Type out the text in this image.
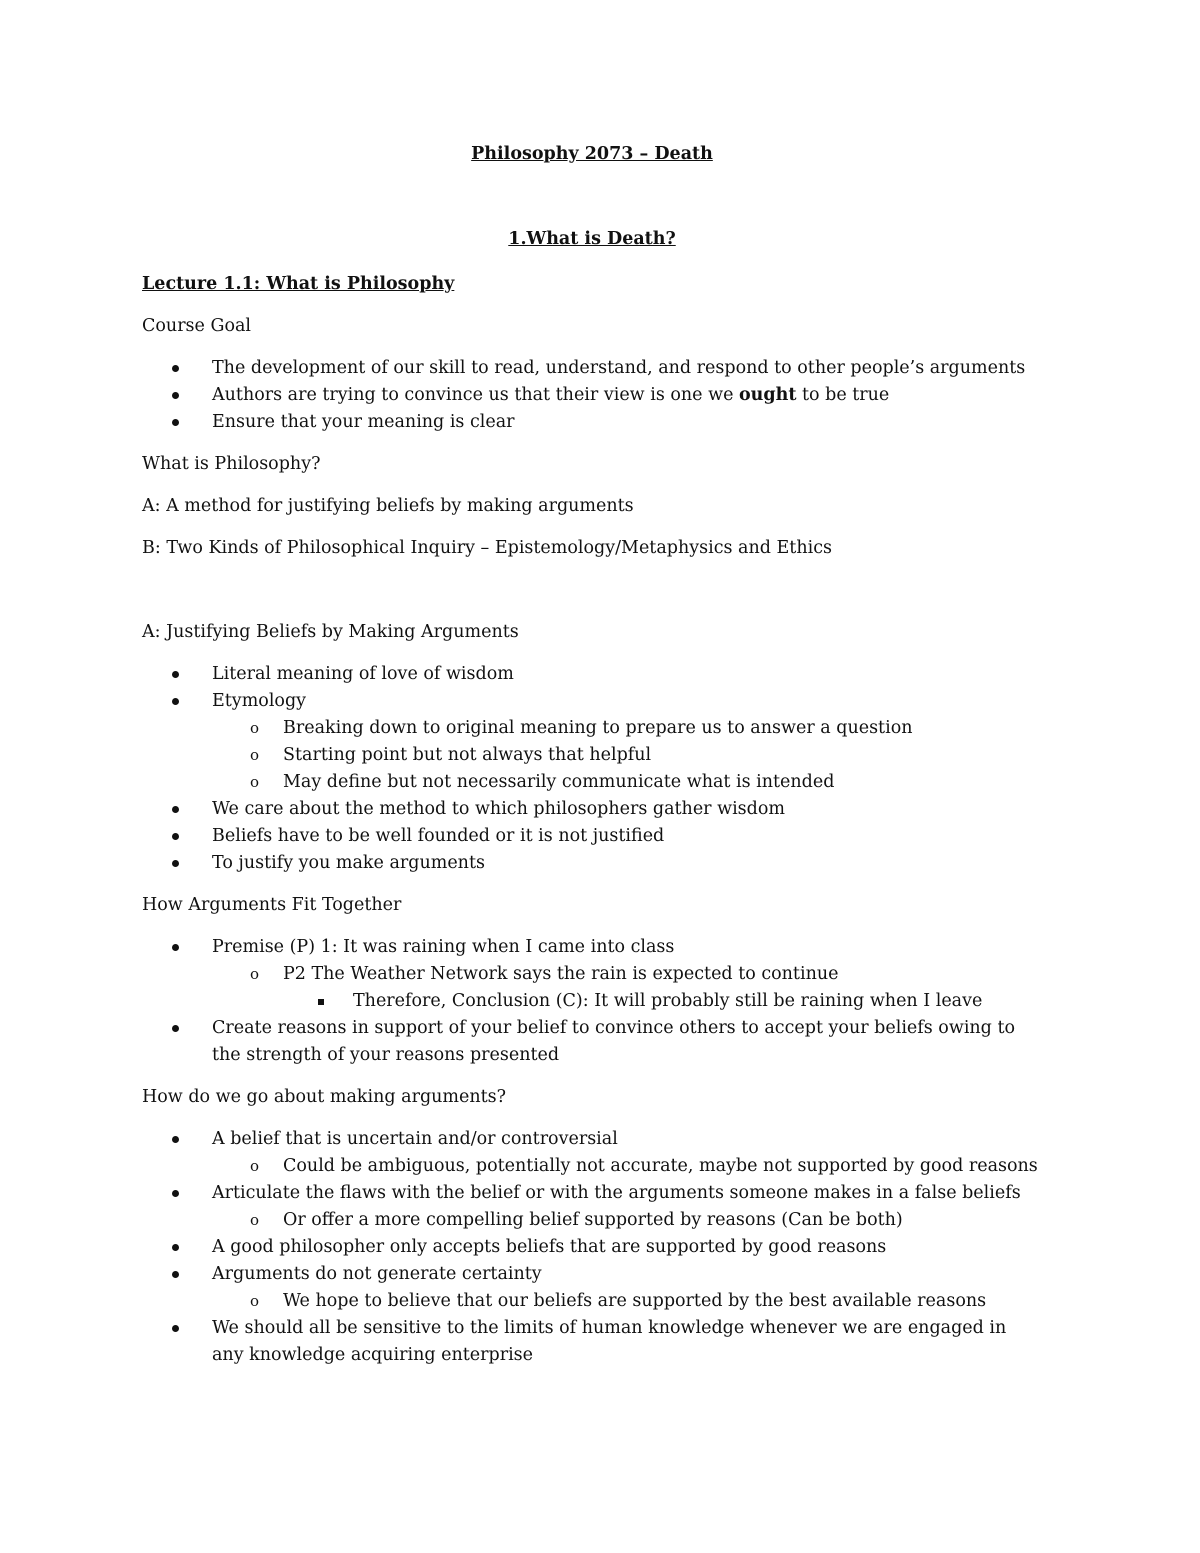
Philosophy 2073 – Death
1.What is Death?
Lecture 1.1: What is Philosophy

Course Goal

The development of our skill to read, understand, and respond to other people’s arguments
Authors are trying to convince us that their view is one we ought to be true
Ensure that your meaning is clear

What is Philosophy?

A: A method for justifying beliefs by making arguments

B: Two Kinds of Philosophical Inquiry – Epistemology/Metaphysics and Ethics

A: Justifying Beliefs by Making Arguments

Literal meaning of love of wisdom
Etymology
o Breaking down to original meaning to prepare us to answer a question
o Starting point but not always that helpful
o May define but not necessarily communicate what is intended
We care about the method to which philosophers gather wisdom
Beliefs have to be well founded or it is not justified
To justify you make arguments

How Arguments Fit Together

Premise (P) 1: It was raining when I came into class
o P2 The Weather Network says the rain is expected to continue
Therefore, Conclusion (C): It will probably still be raining when I leave
Create reasons in support of your belief to convince others to accept your beliefs owing to the strength of your reasons presented

How do we go about making arguments?

A belief that is uncertain and/or controversial
o Could be ambiguous, potentially not accurate, maybe not supported by good reasons
Articulate the flaws with the belief or with the arguments someone makes in a false beliefs
o Or offer a more compelling belief supported by reasons (Can be both)
A good philosopher only accepts beliefs that are supported by good reasons
Arguments do not generate certainty
o We hope to believe that our beliefs are supported by the best available reasons
We should all be sensitive to the limits of human knowledge whenever we are engaged in any knowledge acquiring enterprise
